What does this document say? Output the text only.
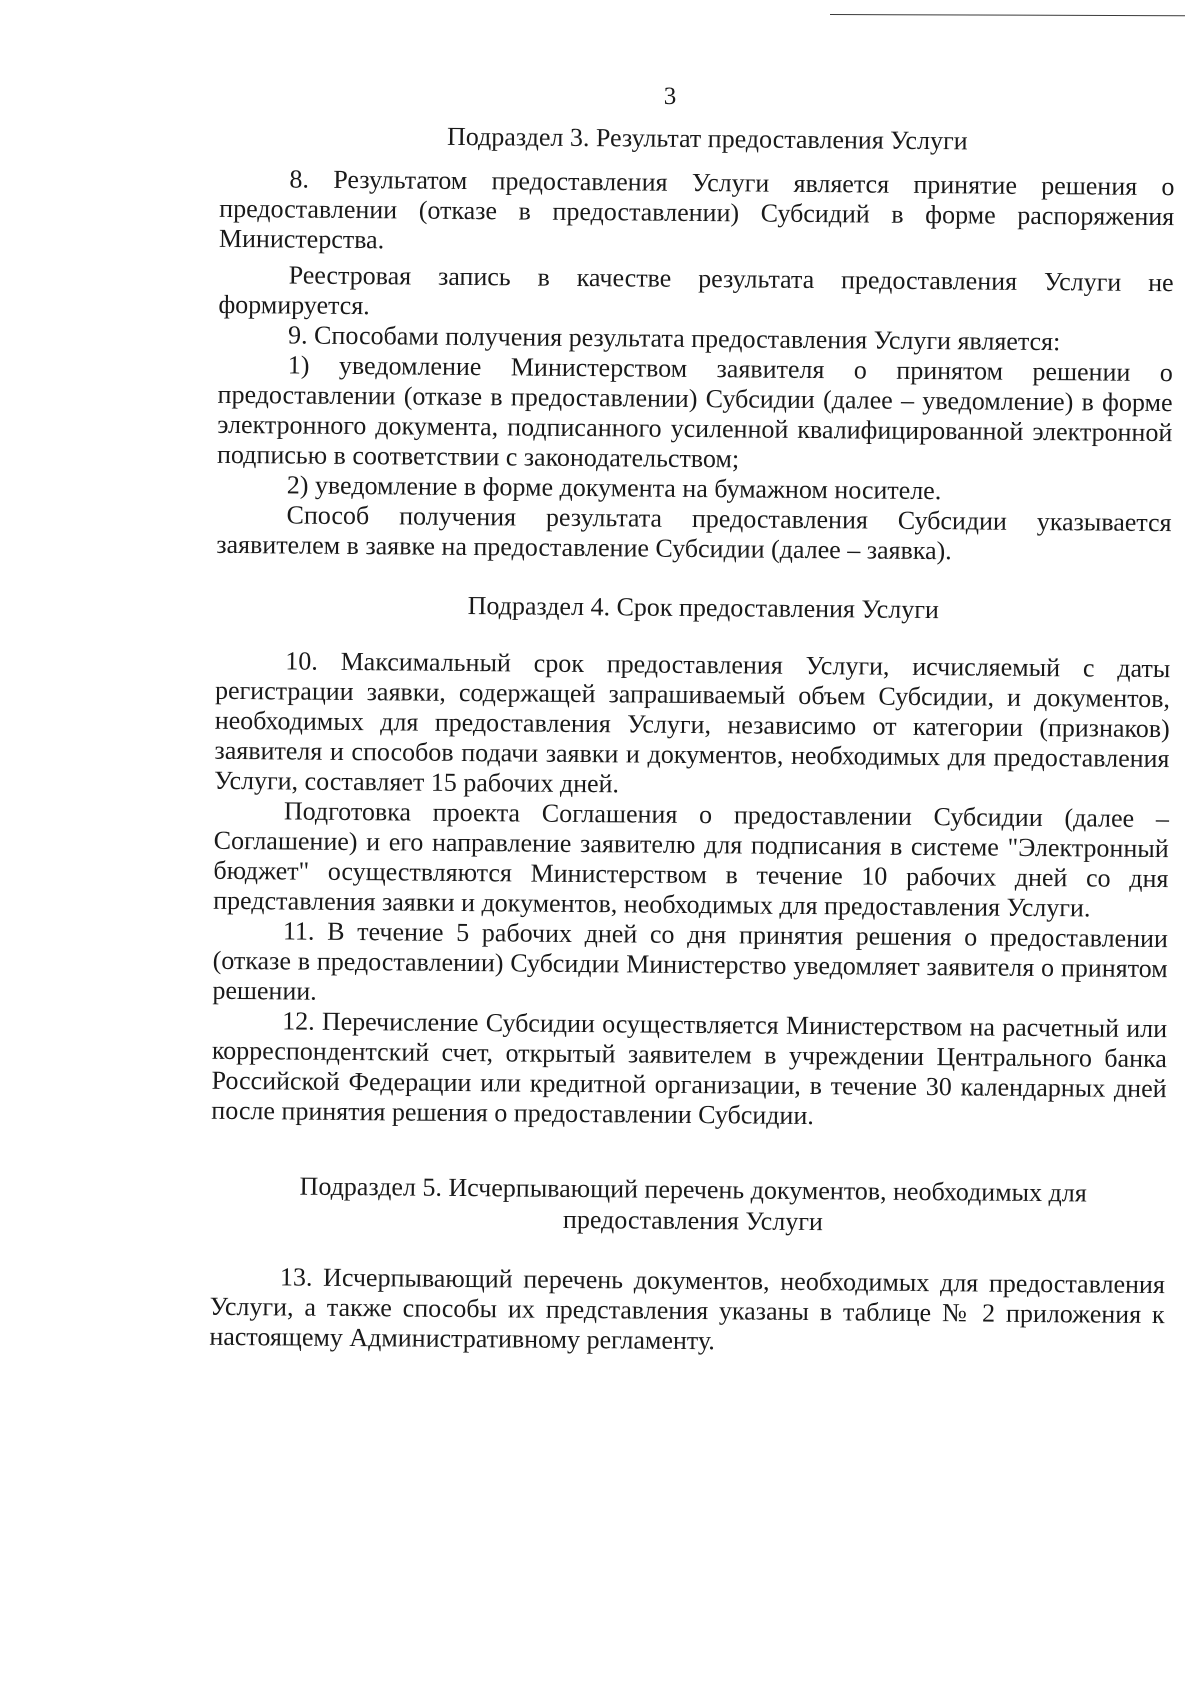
3
Подраздел 3. Результат предоставления Услуги

8. Результатом предоставления Услуги является принятие решения о предоставлении (отказе в предоставлении) Субсидий в форме распоряжения Министерства.

Реестровая запись в качестве результата предоставления Услуги не формируется.

9. Способами получения результата предоставления Услуги является:

1) уведомление Министерством заявителя о принятом решении о предоставлении (отказе в предоставлении) Субсидии (далее – уведомление) в форме электронного документа, подписанного усиленной квалифицированной электронной подписью в соответствии с законодательством;

2) уведомление в форме документа на бумажном носителе.

Способ получения результата предоставления Субсидии указывается заявителем в заявке на предоставление Субсидии (далее – заявка).

Подраздел 4. Срок предоставления Услуги

10. Максимальный срок предоставления Услуги, исчисляемый с даты регистрации заявки, содержащей запрашиваемый объем Субсидии, и документов, необходимых для предоставления Услуги, независимо от категории (признаков) заявителя и способов подачи заявки и документов, необходимых для предоставления Услуги, составляет 15 рабочих дней.

Подготовка проекта Соглашения о предоставлении Субсидии (далее – Соглашение) и его направление заявителю для подписания в системе "Электронный бюджет" осуществляются Министерством в течение 10 рабочих дней со дня представления заявки и документов, необходимых для предоставления Услуги.

11. В течение 5 рабочих дней со дня принятия решения о предоставлении (отказе в предоставлении) Субсидии Министерство уведомляет заявителя о принятом решении.

12. Перечисление Субсидии осуществляется Министерством на расчетный или корреспондентский счет, открытый заявителем в учреждении Центрального банка Российской Федерации или кредитной организации, в течение 30 календарных дней после принятия решения о предоставлении Субсидии.

Подраздел 5. Исчерпывающий перечень документов, необходимых для
предоставления Услуги

13. Исчерпывающий перечень документов, необходимых для предоставления Услуги, а также способы их представления указаны в таблице № 2 приложения к настоящему Административному регламенту.
